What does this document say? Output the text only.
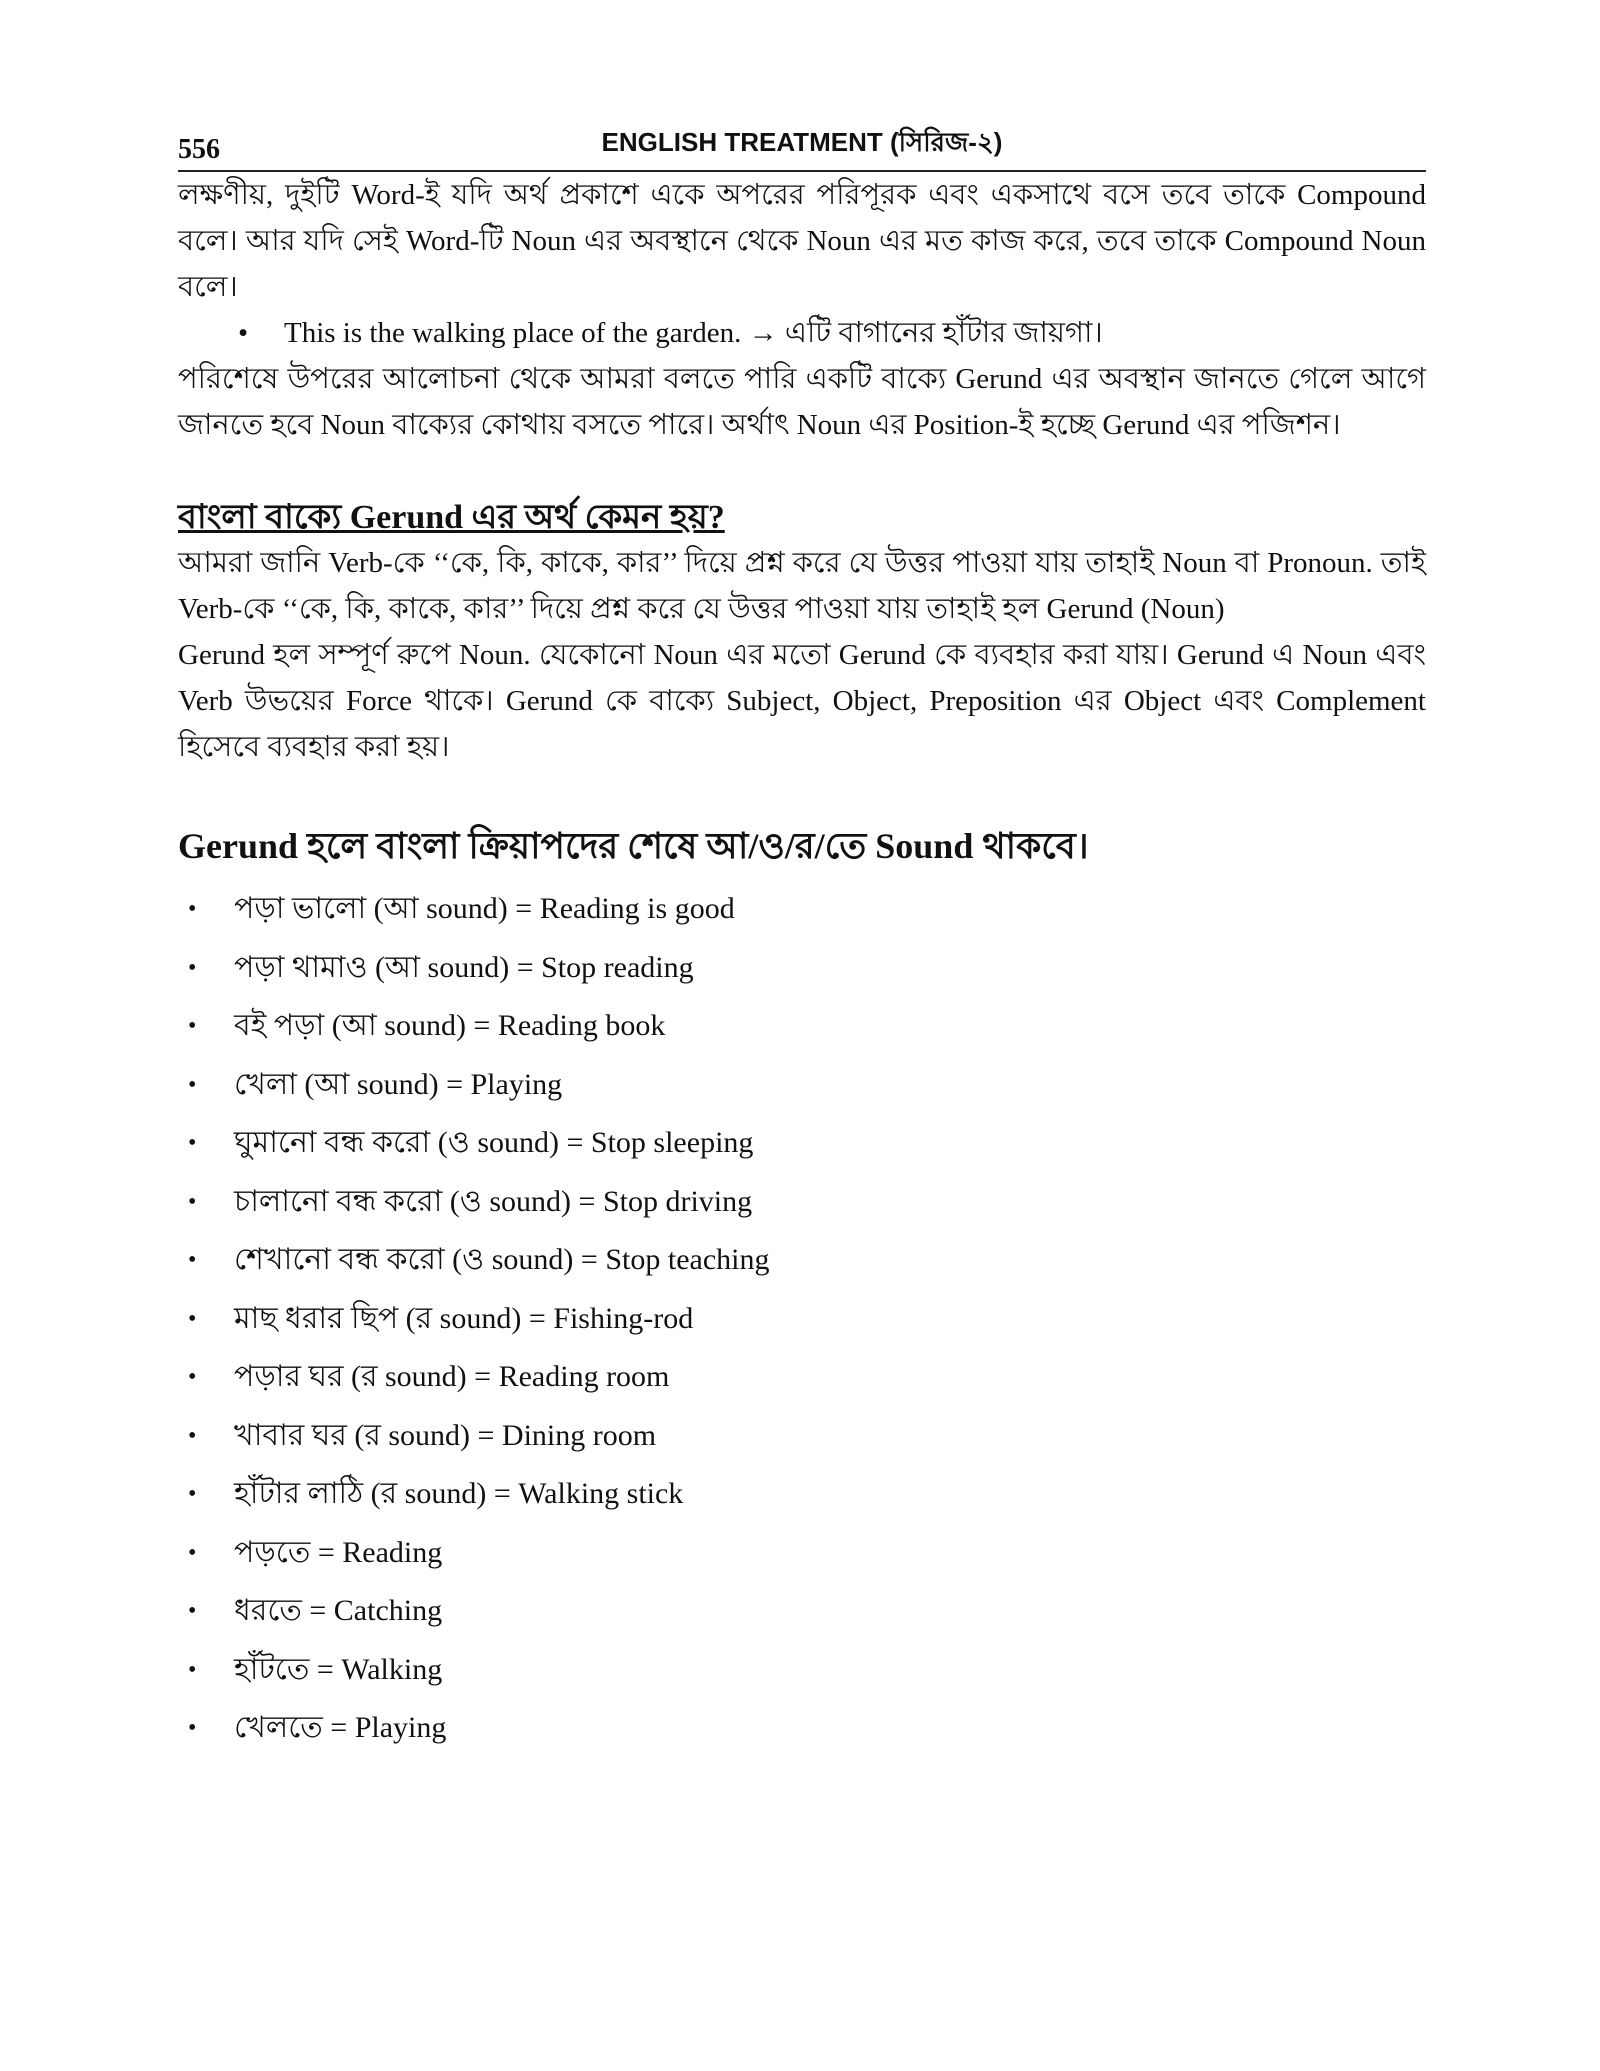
556	ENGLISH TREATMENT (সিরিজ-২)

লক্ষণীয়, দুইটি Word-ই যদি অর্থ প্রকাশে একে অপরের পরিপূরক এবং একসাথে বসে তবে তাকে Compound বলে। আর যদি সেই Word-টি Noun এর অবস্থানে থেকে Noun এর মত কাজ করে, তবে তাকে Compound Noun বলে।

• This is the walking place of the garden. → এটি বাগানের হাঁটার জায়গা।

পরিশেষে উপরের আলোচনা থেকে আমরা বলতে পারি একটি বাক্যে Gerund এর অবস্থান জানতে গেলে আগে জানতে হবে Noun বাক্যের কোথায় বসতে পারে। অর্থাৎ Noun এর Position-ই হচ্ছে Gerund এর পজিশন।

বাংলা বাক্যে Gerund এর অর্থ কেমন হয়?

আমরা জানি Verb-কে ‘‘কে, কি, কাকে, কার’’ দিয়ে প্রশ্ন করে যে উত্তর পাওয়া যায় তাহাই Noun বা Pronoun. তাই Verb-কে ‘‘কে, কি, কাকে, কার’’ দিয়ে প্রশ্ন করে যে উত্তর পাওয়া যায় তাহাই হল Gerund (Noun)

Gerund হল সম্পূর্ণ রুপে Noun. যেকোনো Noun এর মতো Gerund কে ব্যবহার করা যায়। Gerund এ Noun এবং Verb উভয়ের Force থাকে। Gerund কে বাক্যে Subject, Object, Preposition এর Object এবং Complement হিসেবে ব্যবহার করা হয়।

Gerund হলে বাংলা ক্রিয়াপদের শেষে আ/ও/র/তে Sound থাকবে।
• পড়া ভালো (আ sound) = Reading is good
• পড়া থামাও (আ sound) = Stop reading
• বই পড়া (আ sound) = Reading book
• খেলা (আ sound) = Playing
• ঘুমানো বন্ধ করো (ও sound) = Stop sleeping
• চালানো বন্ধ করো (ও sound) = Stop driving
• শেখানো বন্ধ করো (ও sound) = Stop teaching
• মাছ ধরার ছিপ (র sound) = Fishing-rod
• পড়ার ঘর (র sound) = Reading room
• খাবার ঘর (র sound) = Dining room
• হাঁটার লাঠি (র sound) = Walking stick
• পড়তে = Reading
• ধরতে = Catching
• হাঁটতে = Walking
• খেলতে = Playing
